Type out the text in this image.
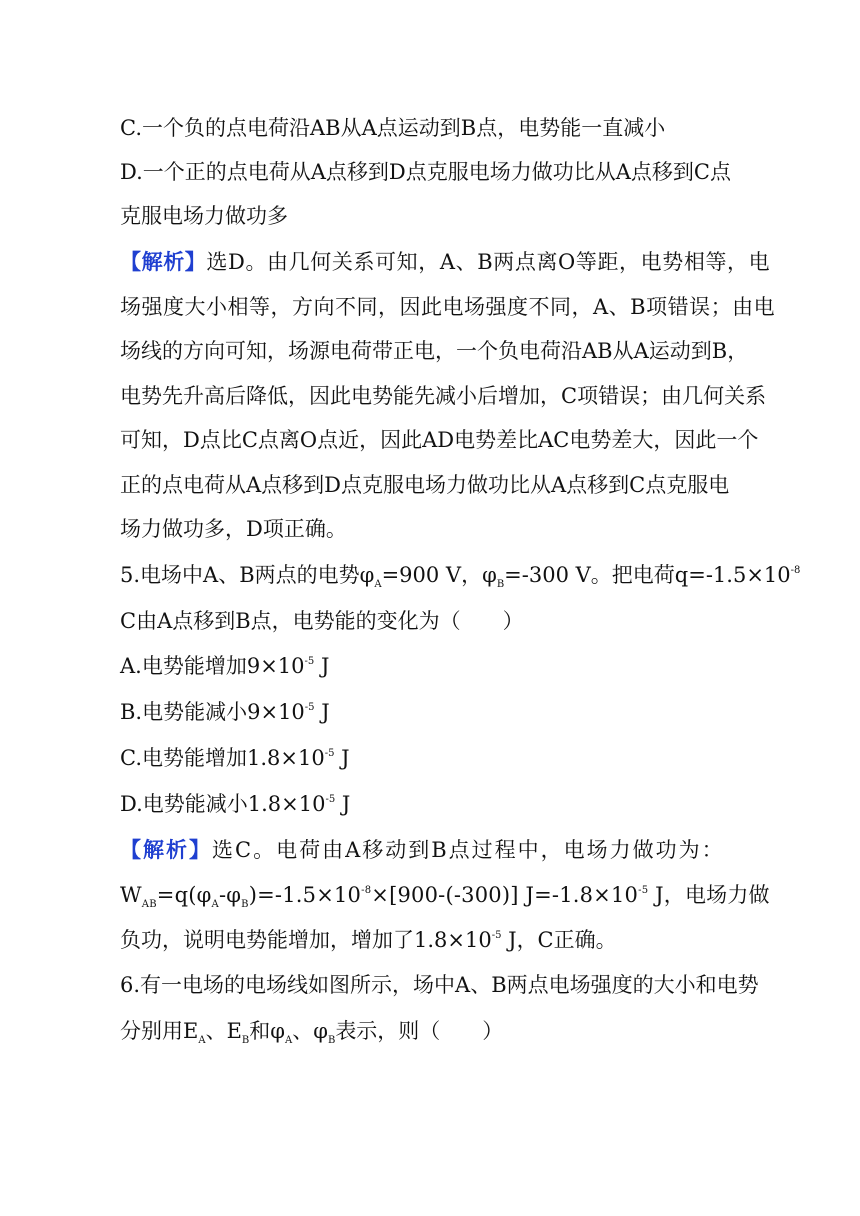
C.一个负的点电荷沿AB从A点运动到B点，电势能一直减小
D.一个正的点电荷从A点移到D点克服电场力做功比从A点移到C点
克服电场力做功多
【解析】选D。由几何关系可知，A、B两点离O等距，电势相等，电
场强度大小相等，方向不同，因此电场强度不同，A、B项错误；由电
场线的方向可知，场源电荷带正电，一个负电荷沿AB从A运动到B，
电势先升高后降低，因此电势能先减小后增加，C项错误；由几何关系
可知，D点比C点离O点近，因此AD电势差比AC电势差大，因此一个
正的点电荷从A点移到D点克服电场力做功比从A点移到C点克服电
场力做功多，D项正确。
5.电场中A、B两点的电势$\varphi_A=900$ V，$\varphi_B=-300$ V。把电荷$q=-1.5\times 10^{-8}$
C由A点移到B点，电势能的变化为（　　）
A.电势能增加$9\times 10^{-5}$ J
B.电势能减小$9\times 10^{-5}$ J
C.电势能增加$1.8\times 10^{-5}$ J
D.电势能减小$1.8\times 10^{-5}$ J
【解析】选C。电荷由A移动到B点过程中，电场力做功为：
$W_{AB}=q(\varphi_A-\varphi_B)=-1.5\times 10^{-8}\times[900-(-300)]$ $J=-1.8\times 10^{-5}$ J，电场力做
负功，说明电势能增加，增加了$1.8\times 10^{-5}$ J，C正确。
6.有一电场的电场线如图所示，场中A、B两点电场强度的大小和电势
分别用$E_A$、$E_B$和$\varphi_A$、$\varphi_B$表示，则（　　）
